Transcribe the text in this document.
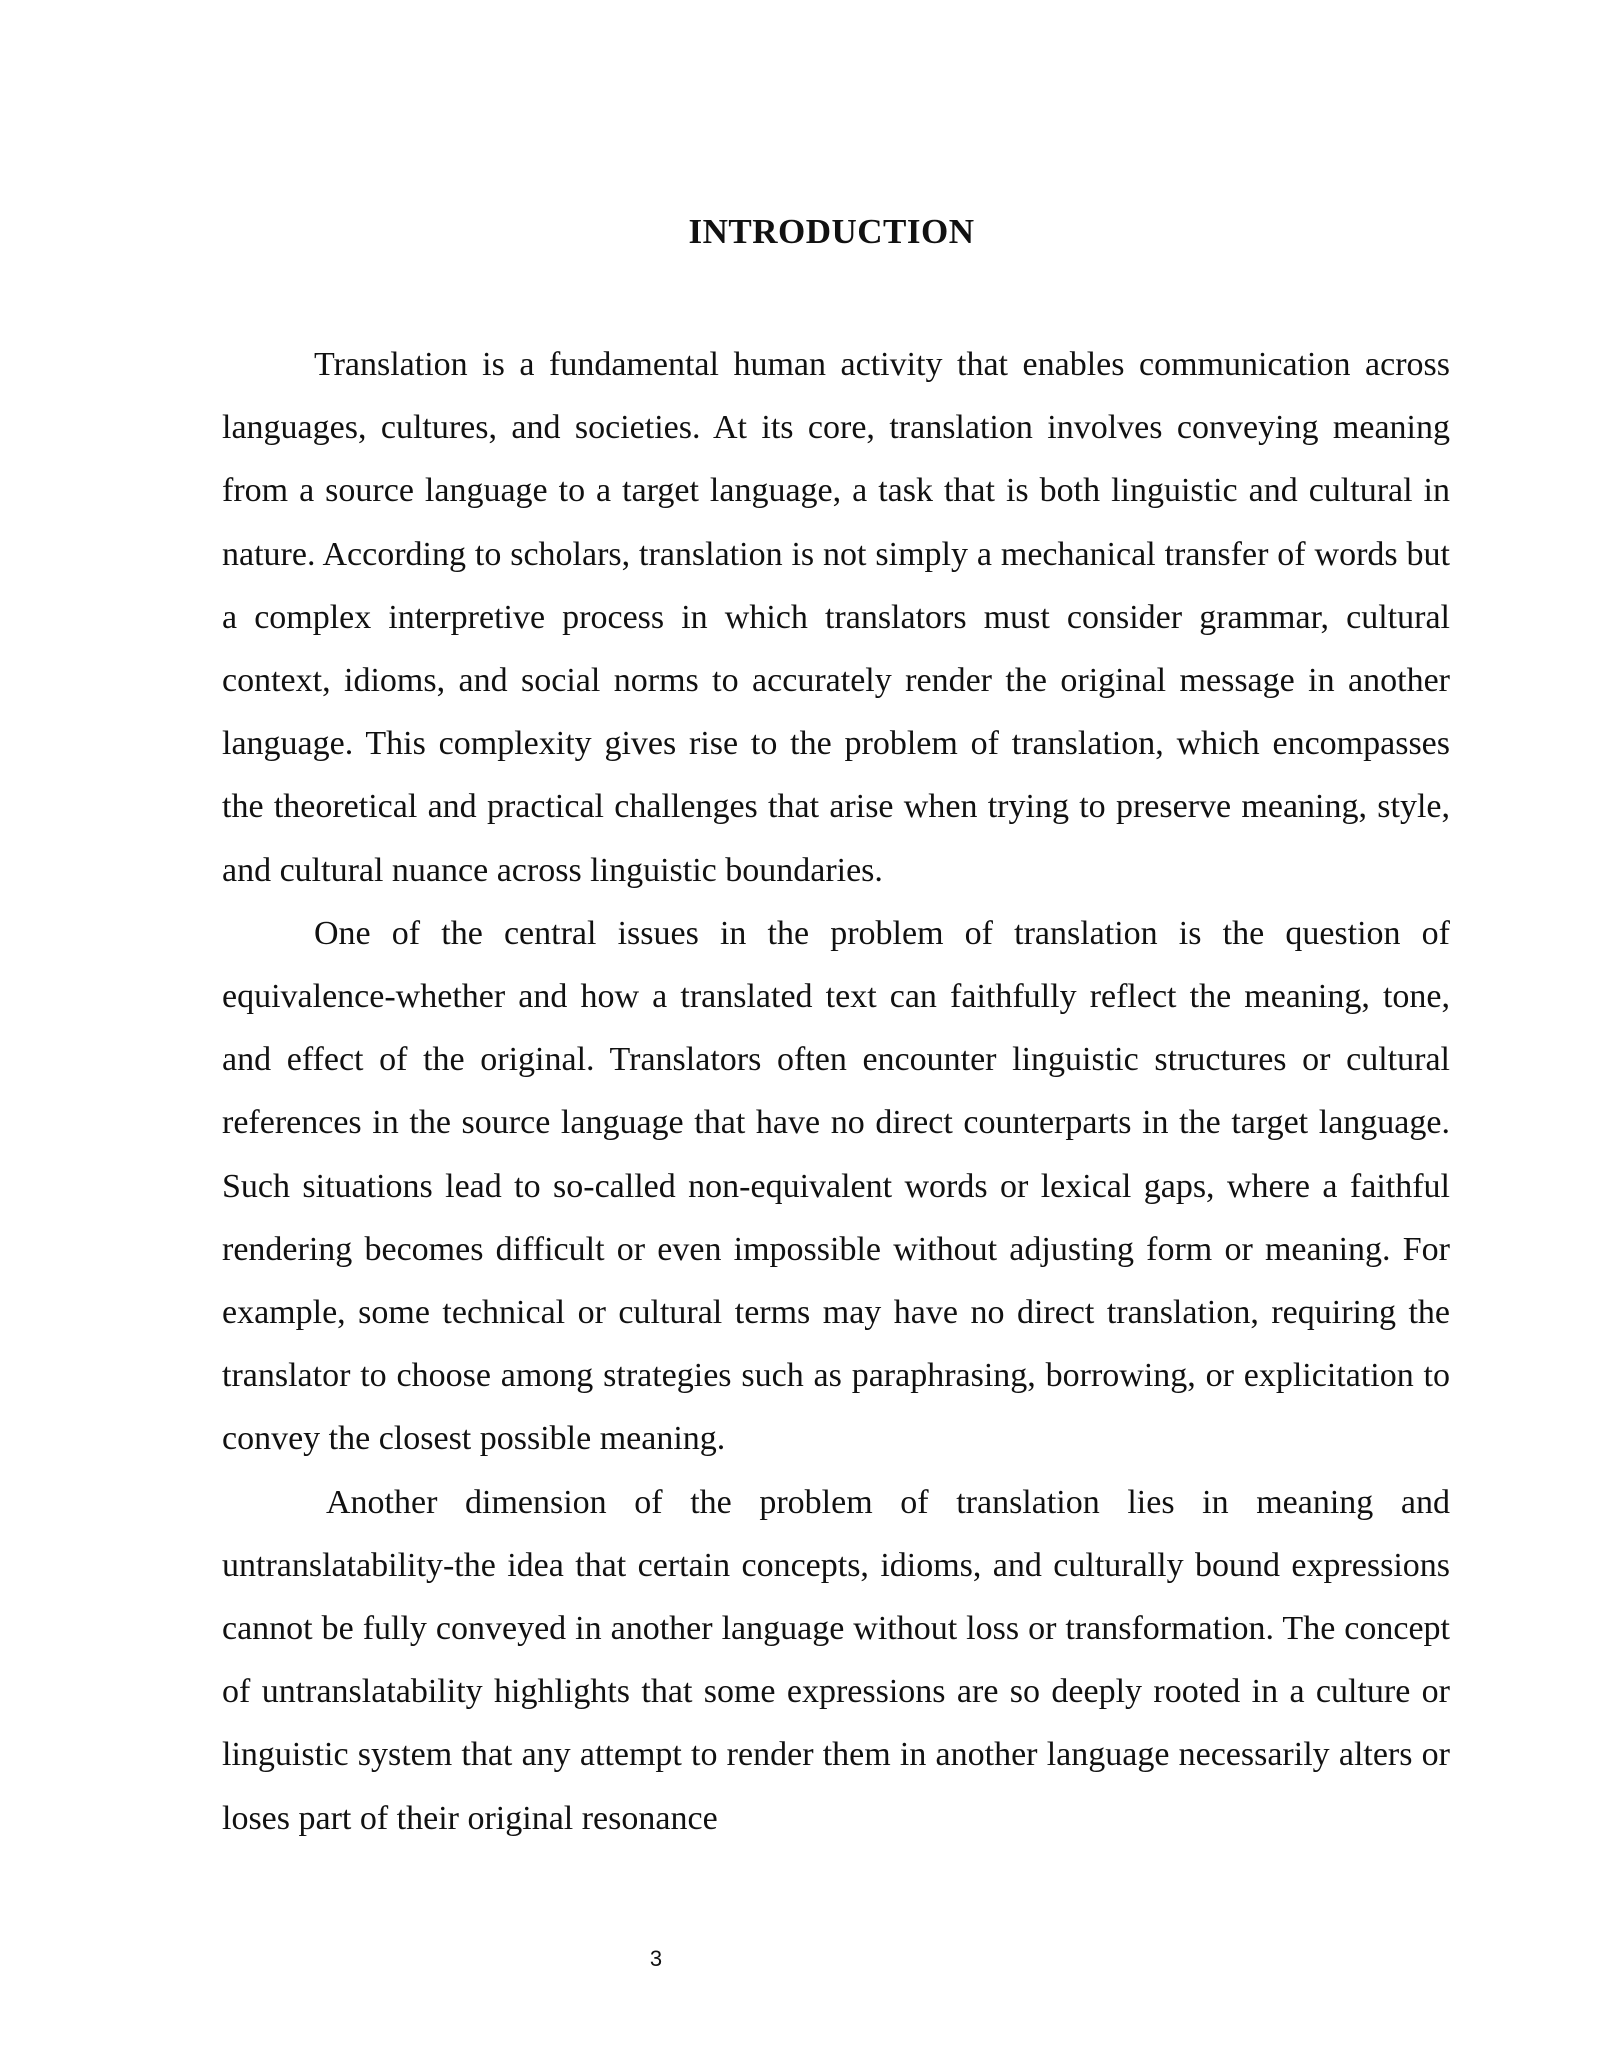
INTRODUCTION

Translation is a fundamental human activity that enables communication across languages, cultures, and societies. At its core, translation involves conveying meaning from a source language to a target language, a task that is both linguistic and cultural in nature. According to scholars, translation is not simply a mechanical transfer of words but a complex interpretive process in which translators must consider grammar, cultural context, idioms, and social norms to accurately render the original message in another language. This complexity gives rise to the problem of translation, which encompasses the theoretical and practical challenges that arise when trying to preserve meaning, style, and cultural nuance across linguistic boundaries.

One of the central issues in the problem of translation is the question of equivalence-whether and how a translated text can faithfully reflect the meaning, tone, and effect of the original. Translators often encounter linguistic structures or cultural references in the source language that have no direct counterparts in the target language. Such situations lead to so-called non-equivalent words or lexical gaps, where a faithful rendering becomes difficult or even impossible without adjusting form or meaning. For example, some technical or cultural terms may have no direct translation, requiring the translator to choose among strategies such as paraphrasing, borrowing, or explicitation to convey the closest possible meaning.

Another dimension of the problem of translation lies in meaning and untranslatability-the idea that certain concepts, idioms, and culturally bound expressions cannot be fully conveyed in another language without loss or transformation. The concept of untranslatability highlights that some expressions are so deeply rooted in a culture or linguistic system that any attempt to render them in another language necessarily alters or loses part of their original resonance

3
